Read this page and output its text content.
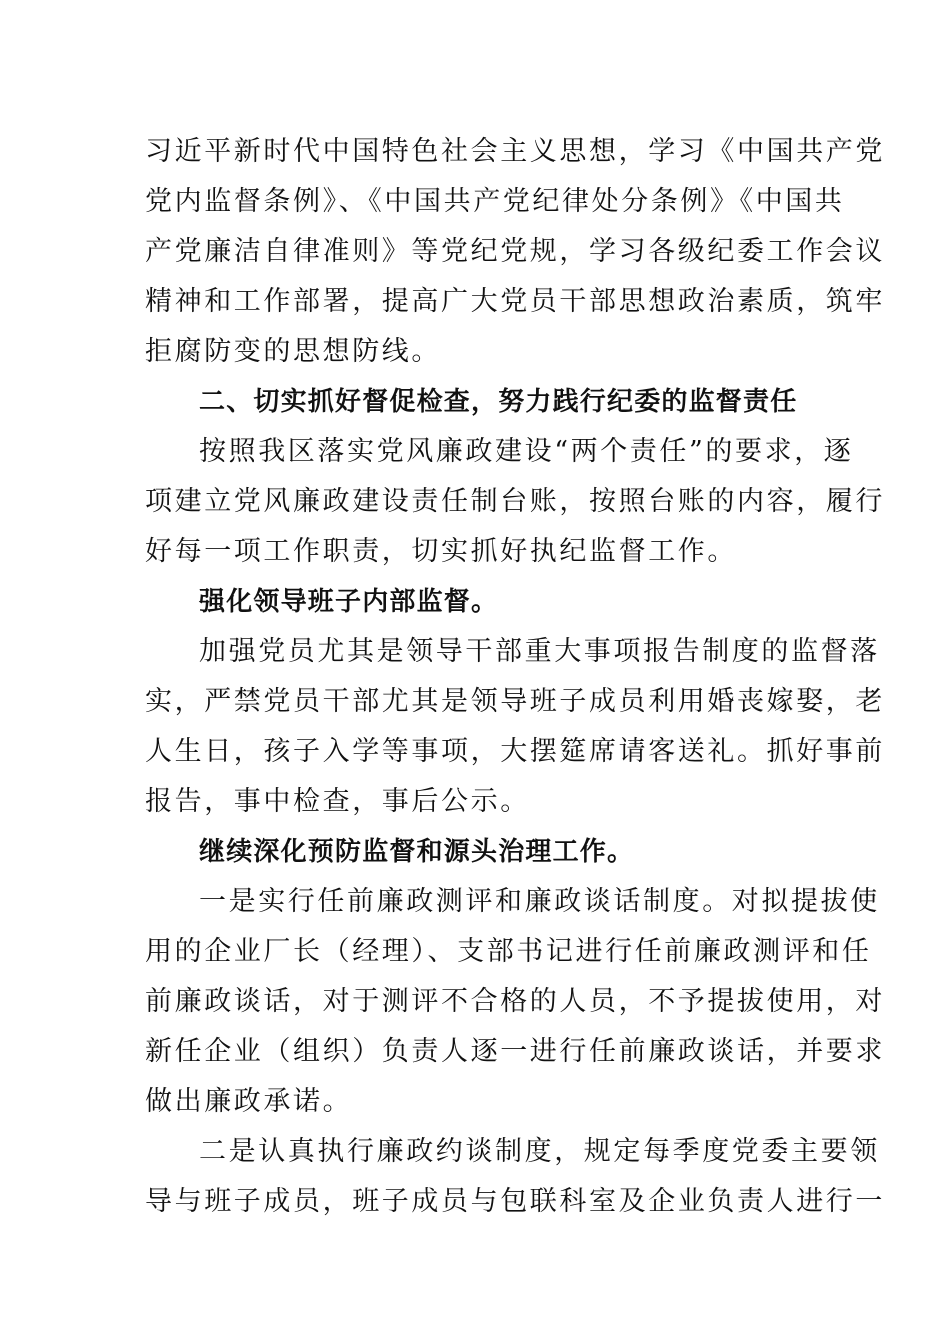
习近平新时代中国特色社会主义思想，学习《中国共产党
党内监督条例》、《中国共产党纪律处分条例》《中国共
产党廉洁自律准则》等党纪党规，学习各级纪委工作会议
精神和工作部署，提高广大党员干部思想政治素质，筑牢
拒腐防变的思想防线。
二、切实抓好督促检查，努力践行纪委的监督责任
按照我区落实党风廉政建设“两个责任”的要求，逐
项建立党风廉政建设责任制台账，按照台账的内容，履行
好每一项工作职责，切实抓好执纪监督工作。
强化领导班子内部监督。
加强党员尤其是领导干部重大事项报告制度的监督落
实，严禁党员干部尤其是领导班子成员利用婚丧嫁娶，老
人生日，孩子入学等事项，大摆筵席请客送礼。抓好事前
报告，事中检查，事后公示。
继续深化预防监督和源头治理工作。
一是实行任前廉政测评和廉政谈话制度。对拟提拔使
用的企业厂长（经理）、支部书记进行任前廉政测评和任
前廉政谈话，对于测评不合格的人员，不予提拔使用，对
新任企业（组织）负责人逐一进行任前廉政谈话，并要求
做出廉政承诺。
二是认真执行廉政约谈制度，规定每季度党委主要领
导与班子成员，班子成员与包联科室及企业负责人进行一
